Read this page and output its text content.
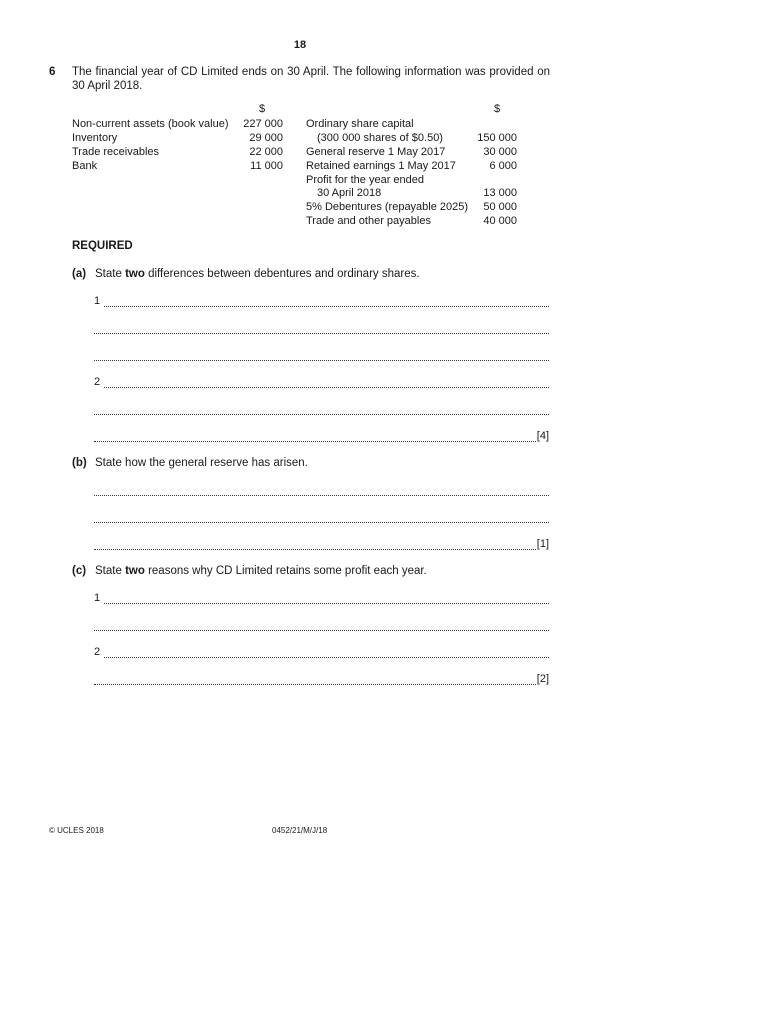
18
6 The financial year of CD Limited ends on 30 April. The following information was provided on 30 April 2018.
$	$
Non-current assets (book value)	227 000
Inventory	29 000
Trade receivables	22 000
Bank	11 000
Ordinary share capital
(300 000 shares of $0.50)	150 000
General reserve 1 May 2017	30 000
Retained earnings 1 May 2017	6 000
Profit for the year ended
30 April 2018	13 000
5% Debentures (repayable 2025)	50 000
Trade and other payables	40 000
REQUIRED
(a) State two differences between debentures and ordinary shares.
1
2
[4]
(b) State how the general reserve has arisen.
[1]
(c) State two reasons why CD Limited retains some profit each year.
1
2
[2]
© UCLES 2018	0452/21/M/J/18
